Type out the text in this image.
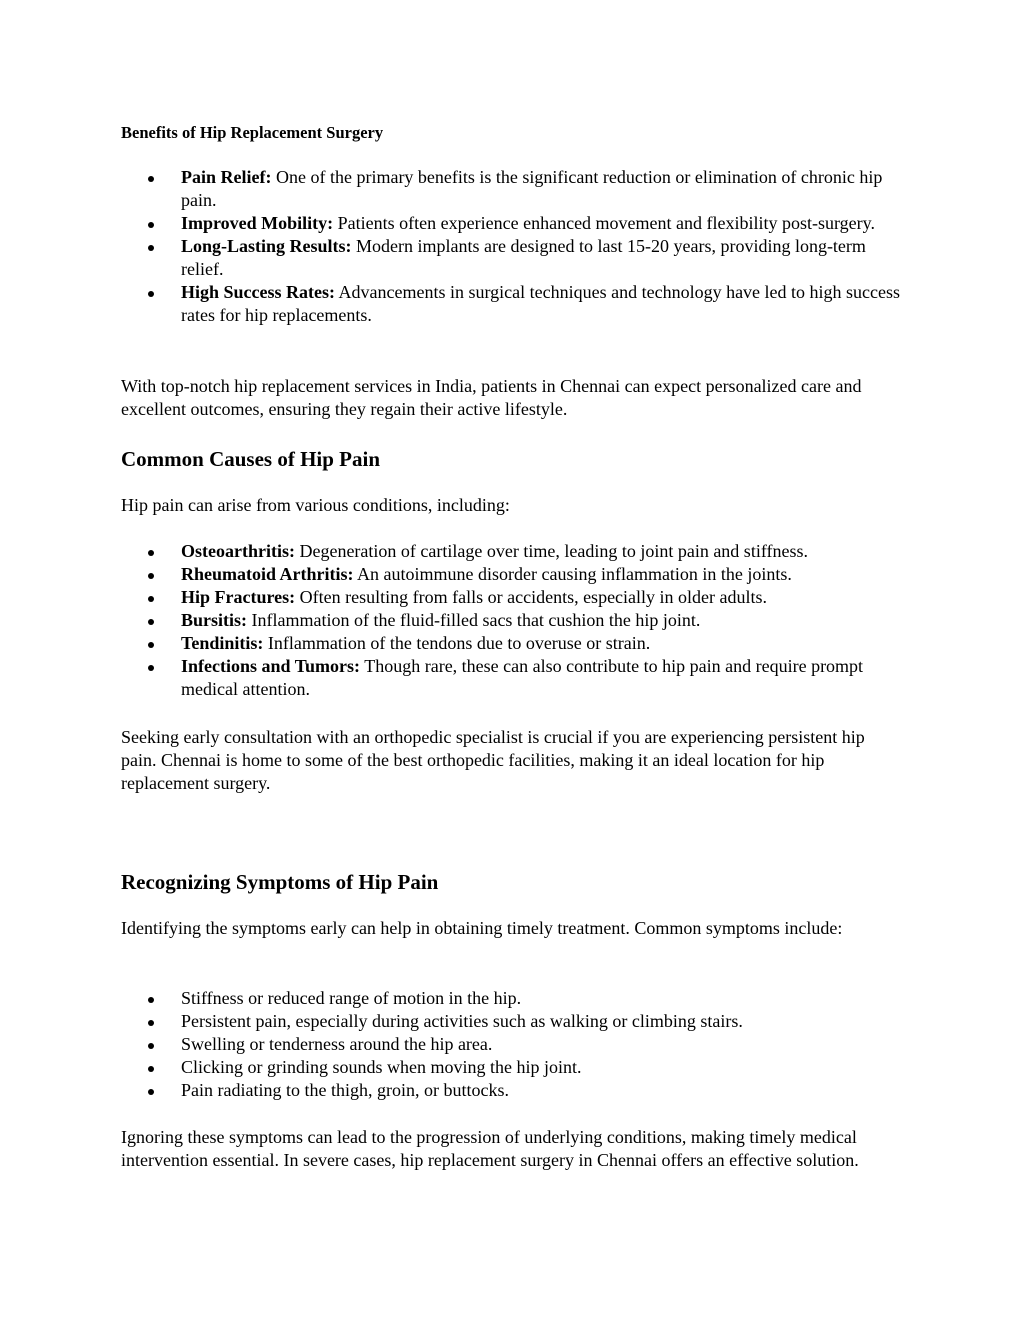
Benefits of Hip Replacement Surgery

Pain Relief: One of the primary benefits is the significant reduction or elimination of chronic hip pain.
Improved Mobility: Patients often experience enhanced movement and flexibility post-surgery.
Long-Lasting Results: Modern implants are designed to last 15-20 years, providing long-term relief.
High Success Rates: Advancements in surgical techniques and technology have led to high success rates for hip replacements.

With top-notch hip replacement services in India, patients in Chennai can expect personalized care and excellent outcomes, ensuring they regain their active lifestyle.

Common Causes of Hip Pain

Hip pain can arise from various conditions, including:

Osteoarthritis: Degeneration of cartilage over time, leading to joint pain and stiffness.
Rheumatoid Arthritis: An autoimmune disorder causing inflammation in the joints.
Hip Fractures: Often resulting from falls or accidents, especially in older adults.
Bursitis: Inflammation of the fluid-filled sacs that cushion the hip joint.
Tendinitis: Inflammation of the tendons due to overuse or strain.
Infections and Tumors: Though rare, these can also contribute to hip pain and require prompt medical attention.

Seeking early consultation with an orthopedic specialist is crucial if you are experiencing persistent hip pain. Chennai is home to some of the best orthopedic facilities, making it an ideal location for hip replacement surgery.

Recognizing Symptoms of Hip Pain

Identifying the symptoms early can help in obtaining timely treatment. Common symptoms include:

Stiffness or reduced range of motion in the hip.
Persistent pain, especially during activities such as walking or climbing stairs.
Swelling or tenderness around the hip area.
Clicking or grinding sounds when moving the hip joint.
Pain radiating to the thigh, groin, or buttocks.

Ignoring these symptoms can lead to the progression of underlying conditions, making timely medical intervention essential. In severe cases, hip replacement surgery in Chennai offers an effective solution.
